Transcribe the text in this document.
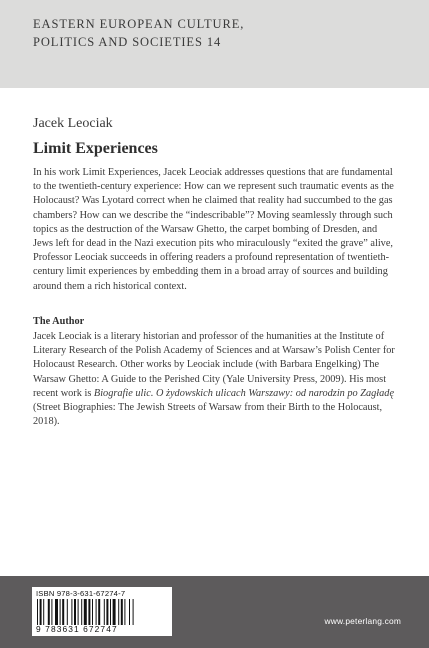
EASTERN EUROPEAN CULTURE,
POLITICS AND SOCIETIES 14
Jacek Leociak
Limit Experiences

In his work Limit Experiences, Jacek Leociak addresses questions that are fundamental to the twentieth-century experience: How can we represent such traumatic events as the Holocaust? Was Lyotard correct when he claimed that reality had succumbed to the gas chambers? How can we describe the “indescribable”? Moving seamlessly through such topics as the destruction of the Warsaw Ghetto, the carpet bombing of Dresden, and Jews left for dead in the Nazi execution pits who miraculously “exited the grave” alive, Professor Leociak succeeds in offering readers a profound representation of twentieth-century limit experiences by embedding them in a broad array of sources and building around them a rich historical context.

The Author

Jacek Leociak is a literary historian and professor of the humanities at the Institute of Literary Research of the Polish Academy of Sciences and at Warsaw’s Polish Center for Holocaust Research. Other works by Leociak include (with Barbara Engelking) The Warsaw Ghetto: A Guide to the Perished City (Yale University Press, 2009). His most recent work is Biografie ulic. O żydowskich ulicach Warszawy: od narodzin po Zagładę (Street Biographies: The Jewish Streets of Warsaw from their Birth to the Holocaust, 2018).

ISBN 978-3-631-67274-7
9 783631 672747
www.peterlang.com
